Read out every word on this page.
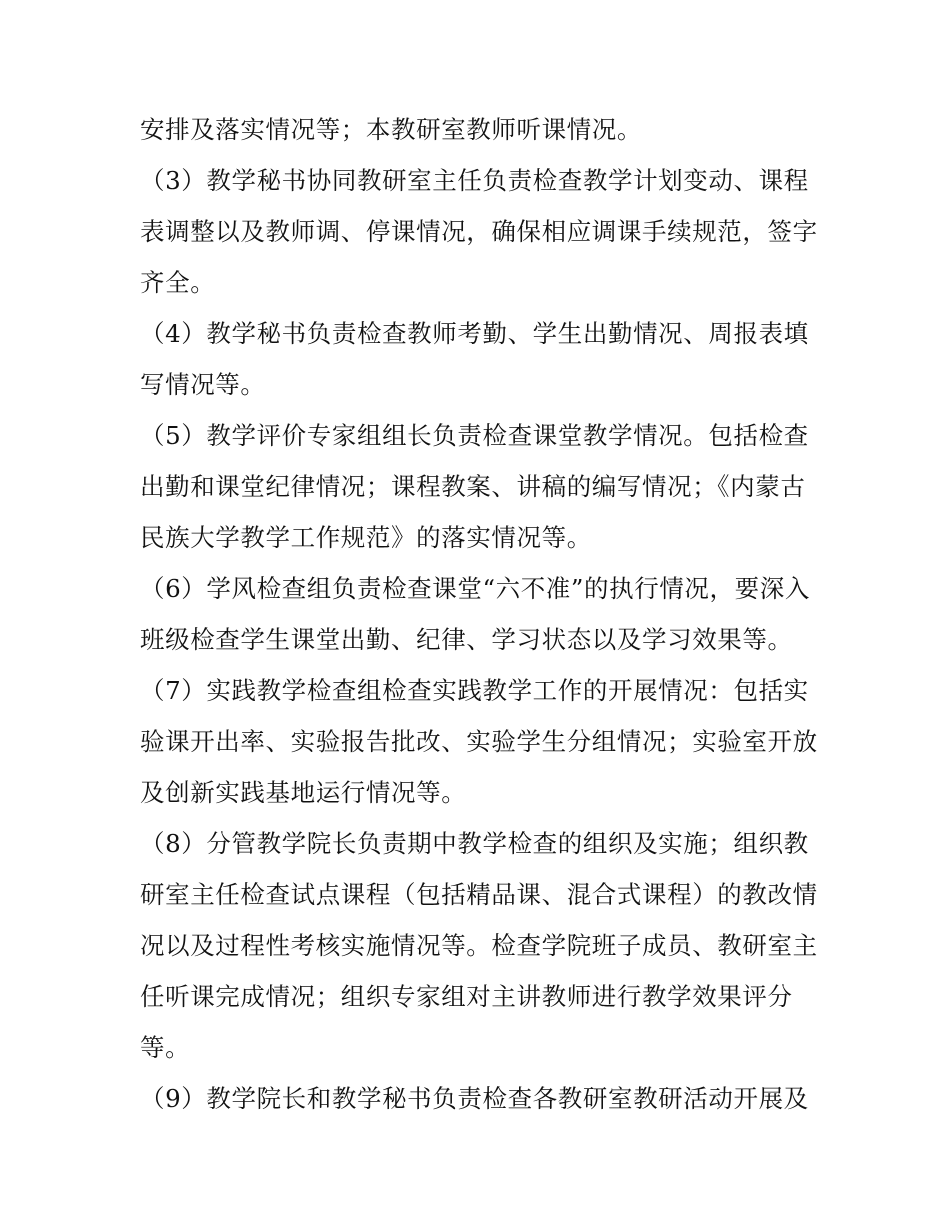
安排及落实情况等；本教研室教师听课情况。

（3）教学秘书协同教研室主任负责检查教学计划变动、课程
表调整以及教师调、停课情况，确保相应调课手续规范，签字
齐全。

（4）教学秘书负责检查教师考勤、学生出勤情况、周报表填
写情况等。

（5）教学评价专家组组长负责检查课堂教学情况。包括检查
出勤和课堂纪律情况；课程教案、讲稿的编写情况；《内蒙古
民族大学教学工作规范》的落实情况等。

（6）学风检查组负责检查课堂“六不准”的执行情况，要深入
班级检查学生课堂出勤、纪律、学习状态以及学习效果等。

（7）实践教学检查组检查实践教学工作的开展情况：包括实
验课开出率、实验报告批改、实验学生分组情况；实验室开放
及创新实践基地运行情况等。

（8）分管教学院长负责期中教学检查的组织及实施；组织教
研室主任检查试点课程（包括精品课、混合式课程）的教改情
况以及过程性考核实施情况等。检查学院班子成员、教研室主
任听课完成情况；组织专家组对主讲教师进行教学效果评分
等。

（9）教学院长和教学秘书负责检查各教研室教研活动开展及
